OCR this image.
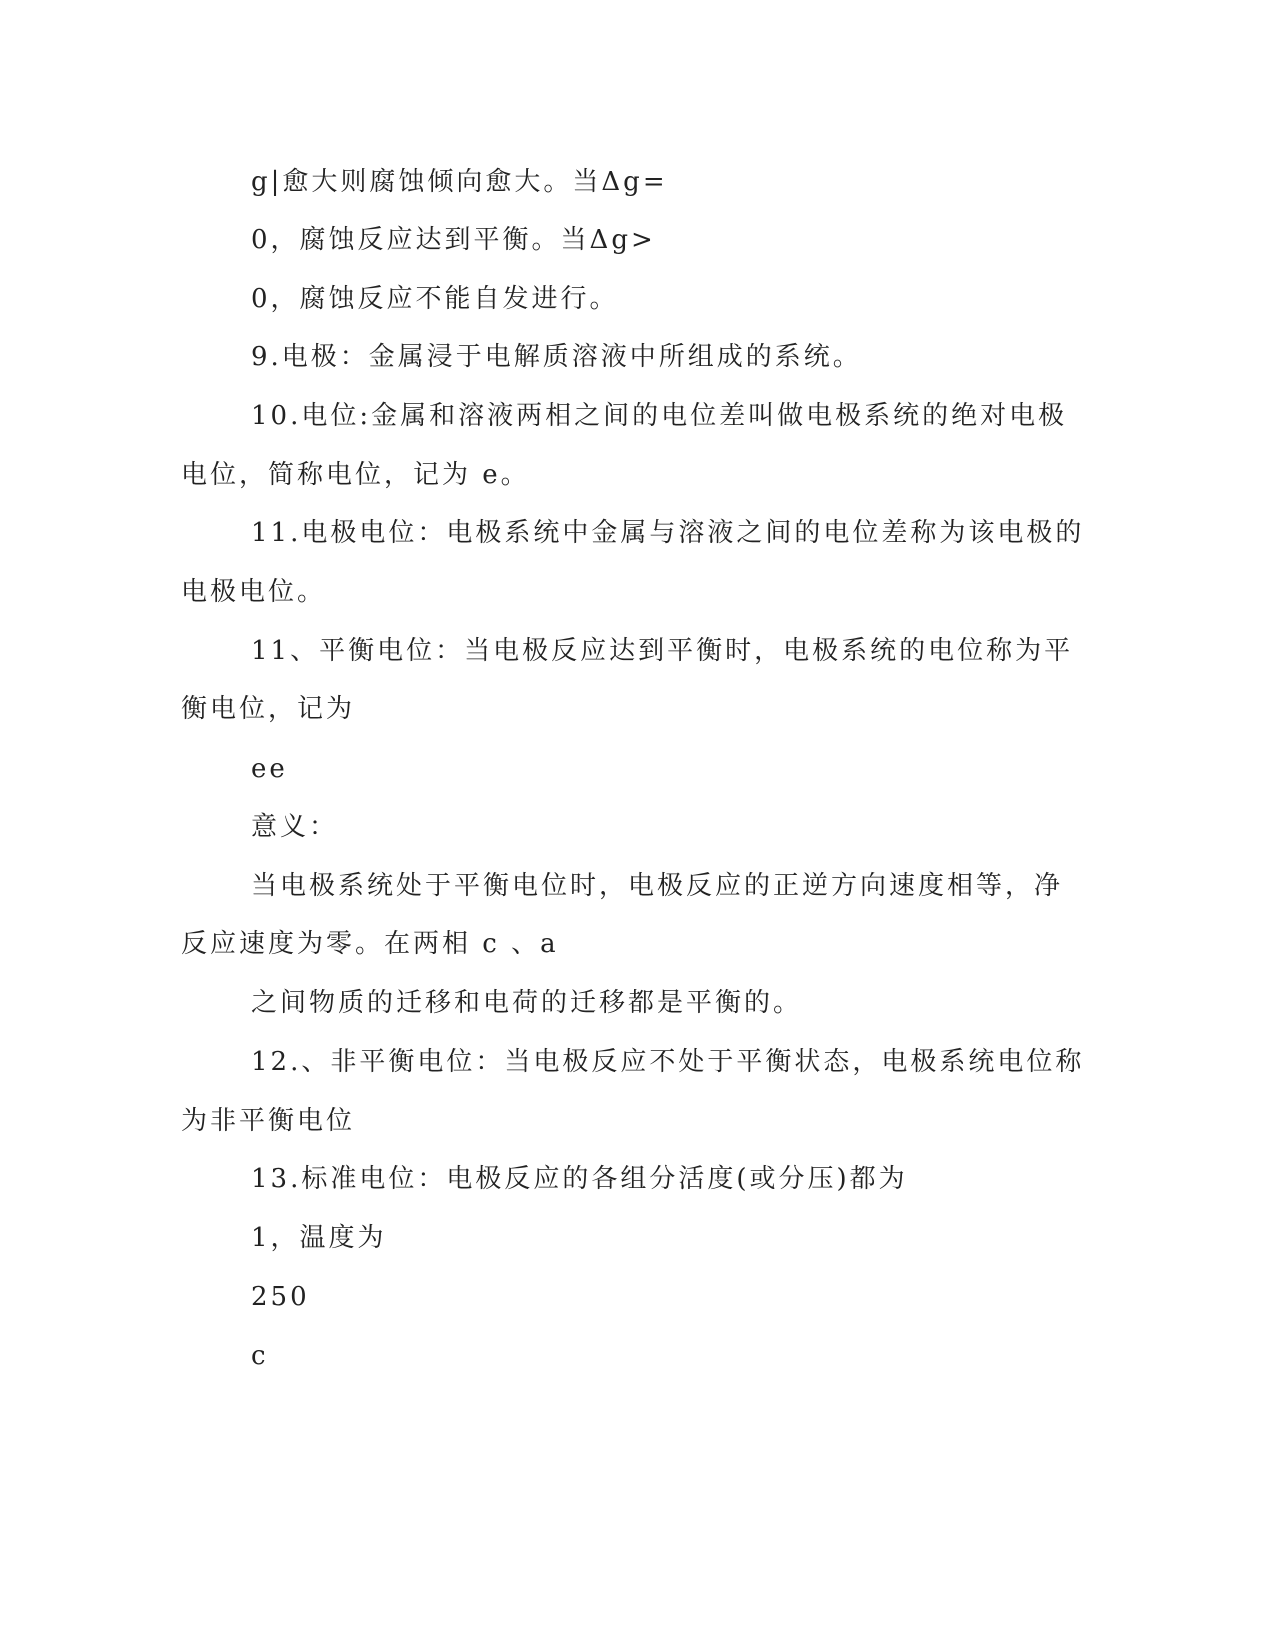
g|愈大则腐蚀倾向愈大。当Δg=
0，腐蚀反应达到平衡。当Δg>
0，腐蚀反应不能自发进行。
9.电极：金属浸于电解质溶液中所组成的系统。
10.电位:金属和溶液两相之间的电位差叫做电极系统的绝对电极
电位，简称电位，记为 e。
11.电极电位：电极系统中金属与溶液之间的电位差称为该电极的
电极电位。
11、平衡电位：当电极反应达到平衡时，电极系统的电位称为平
衡电位，记为
ee
意义：
当电极系统处于平衡电位时，电极反应的正逆方向速度相等，净
反应速度为零。在两相 c 、a
之间物质的迁移和电荷的迁移都是平衡的。
12.、非平衡电位：当电极反应不处于平衡状态，电极系统电位称
为非平衡电位
13.标准电位：电极反应的各组分活度(或分压)都为
1，温度为
250
c
